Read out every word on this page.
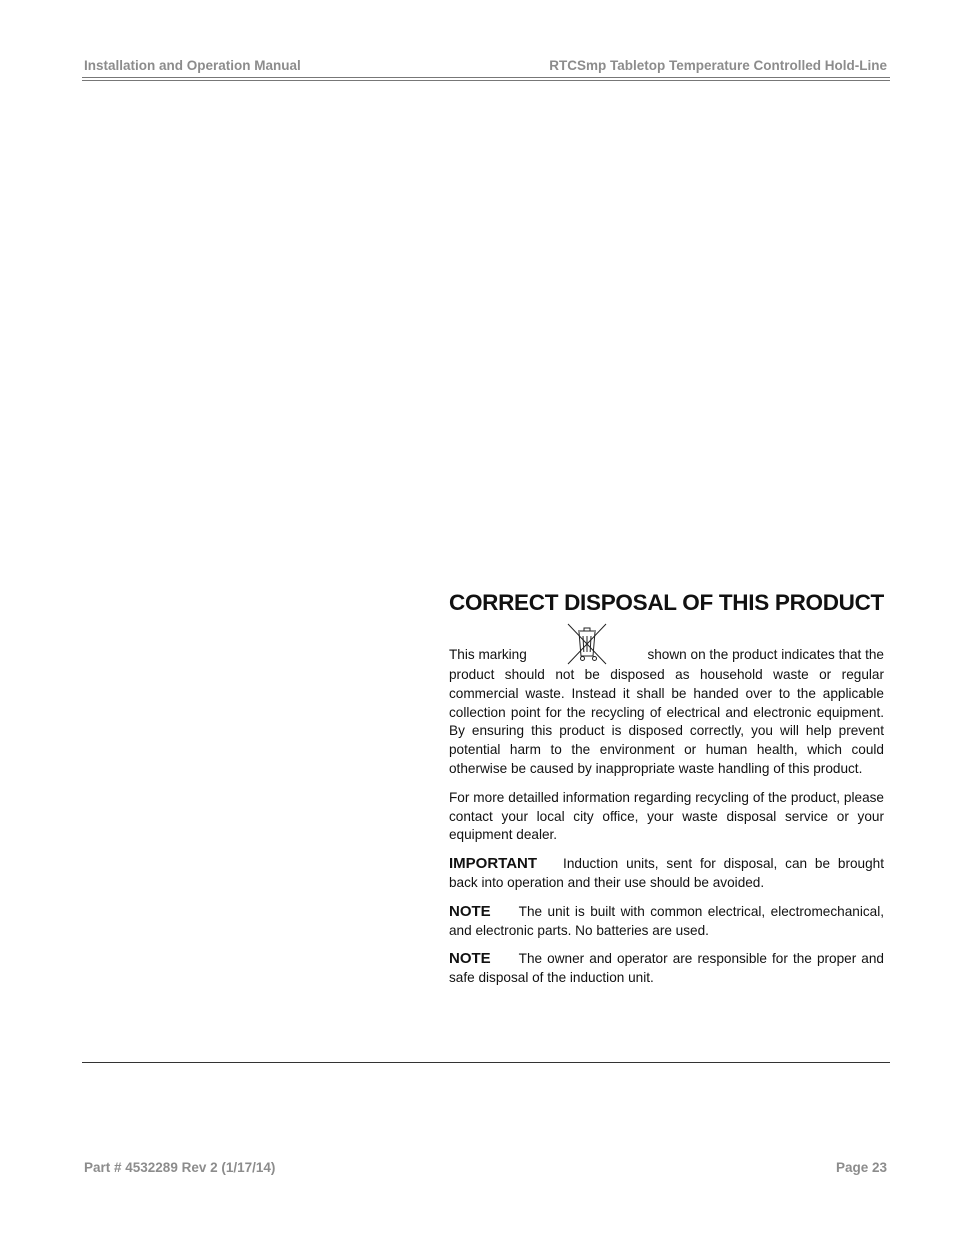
Installation and Operation Manual	RTCSmp Tabletop Temperature Controlled Hold-Line
CORRECT DISPOSAL OF THIS PRODUCT
This marking	shown on the product indicates that the

product should not be disposed as household waste or regular commercial waste. Instead it shall be handed over to the applicable collection point for the recycling of electrical and electronic equipment. By ensuring this product is disposed correctly, you will help prevent potential harm to the environment or human health, which could otherwise be caused by inappropriate waste handling of this product.

For more detailled information regarding recycling of the product, please contact your local city office, your waste disposal service or your equipment dealer.

IMPORTANT Induction units, sent for disposal, can be brought back into operation and their use should be avoided.

NOTE The unit is built with common electrical, electromechanical, and electronic parts. No batteries are used.

NOTE The owner and operator are responsible for the proper and safe disposal of the induction unit.

Part # 4532289 Rev 2 (1/17/14)	Page 23
